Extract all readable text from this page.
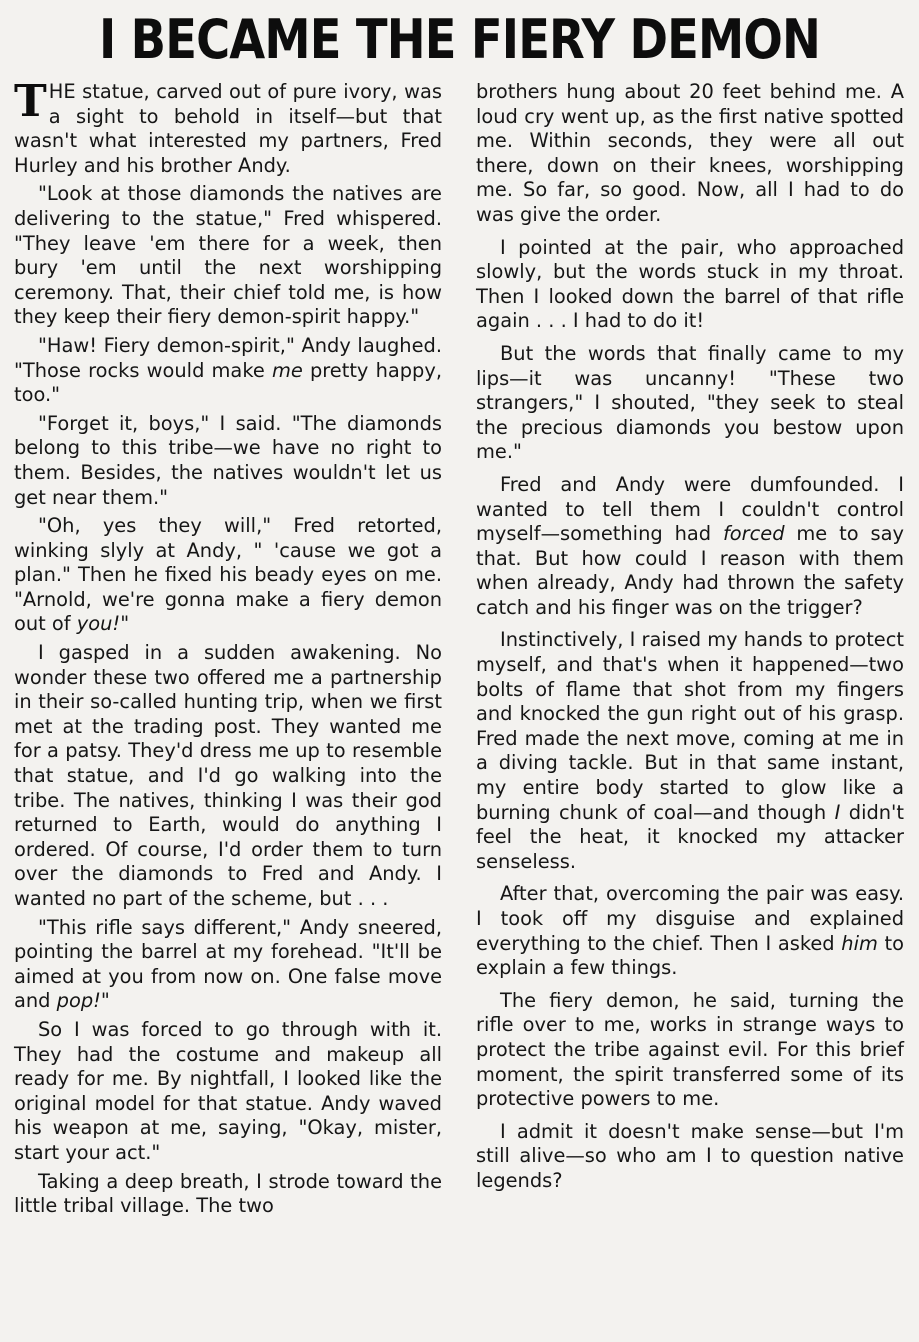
I BECAME THE FIERY DEMON

THE statue, carved out of pure ivory, was a sight to behold in itself—but that wasn't what interested my partners, Fred Hurley and his brother Andy.

"Look at those diamonds the natives are delivering to the statue," Fred whispered. "They leave 'em there for a week, then bury 'em until the next worshipping ceremony. That, their chief told me, is how they keep their fiery demon-spirit happy."

"Haw! Fiery demon-spirit," Andy laughed. "Those rocks would make me pretty happy, too."

"Forget it, boys," I said. "The diamonds belong to this tribe—we have no right to them. Besides, the natives wouldn't let us get near them."

"Oh, yes they will," Fred retorted, winking slyly at Andy, " 'cause we got a plan." Then he fixed his beady eyes on me. "Arnold, we're gonna make a fiery demon out of you!"

I gasped in a sudden awakening. No wonder these two offered me a partnership in their so-called hunting trip, when we first met at the trading post. They wanted me for a patsy. They'd dress me up to resemble that statue, and I'd go walking into the tribe. The natives, thinking I was their god returned to Earth, would do anything I ordered. Of course, I'd order them to turn over the diamonds to Fred and Andy. I wanted no part of the scheme, but . . .

"This rifle says different," Andy sneered, pointing the barrel at my forehead. "It'll be aimed at you from now on. One false move and pop!"

So I was forced to go through with it. They had the costume and makeup all ready for me. By nightfall, I looked like the original model for that statue. Andy waved his weapon at me, saying, "Okay, mister, start your act."

Taking a deep breath, I strode toward the little tribal village. The two

brothers hung about 20 feet behind me. A loud cry went up, as the first native spotted me. Within seconds, they were all out there, down on their knees, worshipping me. So far, so good. Now, all I had to do was give the order.

I pointed at the pair, who approached slowly, but the words stuck in my throat. Then I looked down the barrel of that rifle again . . . I had to do it!

But the words that finally came to my lips—it was uncanny! "These two strangers," I shouted, "they seek to steal the precious diamonds you bestow upon me."

Fred and Andy were dumfounded. I wanted to tell them I couldn't control myself—something had forced me to say that. But how could I reason with them when already, Andy had thrown the safety catch and his finger was on the trigger?

Instinctively, I raised my hands to protect myself, and that's when it happened—two bolts of flame that shot from my fingers and knocked the gun right out of his grasp. Fred made the next move, coming at me in a diving tackle. But in that same instant, my entire body started to glow like a burning chunk of coal—and though I didn't feel the heat, it knocked my attacker senseless.

After that, overcoming the pair was easy. I took off my disguise and explained everything to the chief. Then I asked him to explain a few things.

The fiery demon, he said, turning the rifle over to me, works in strange ways to protect the tribe against evil. For this brief moment, the spirit transferred some of its protective powers to me.

I admit it doesn't make sense—but I'm still alive—so who am I to question native legends?
